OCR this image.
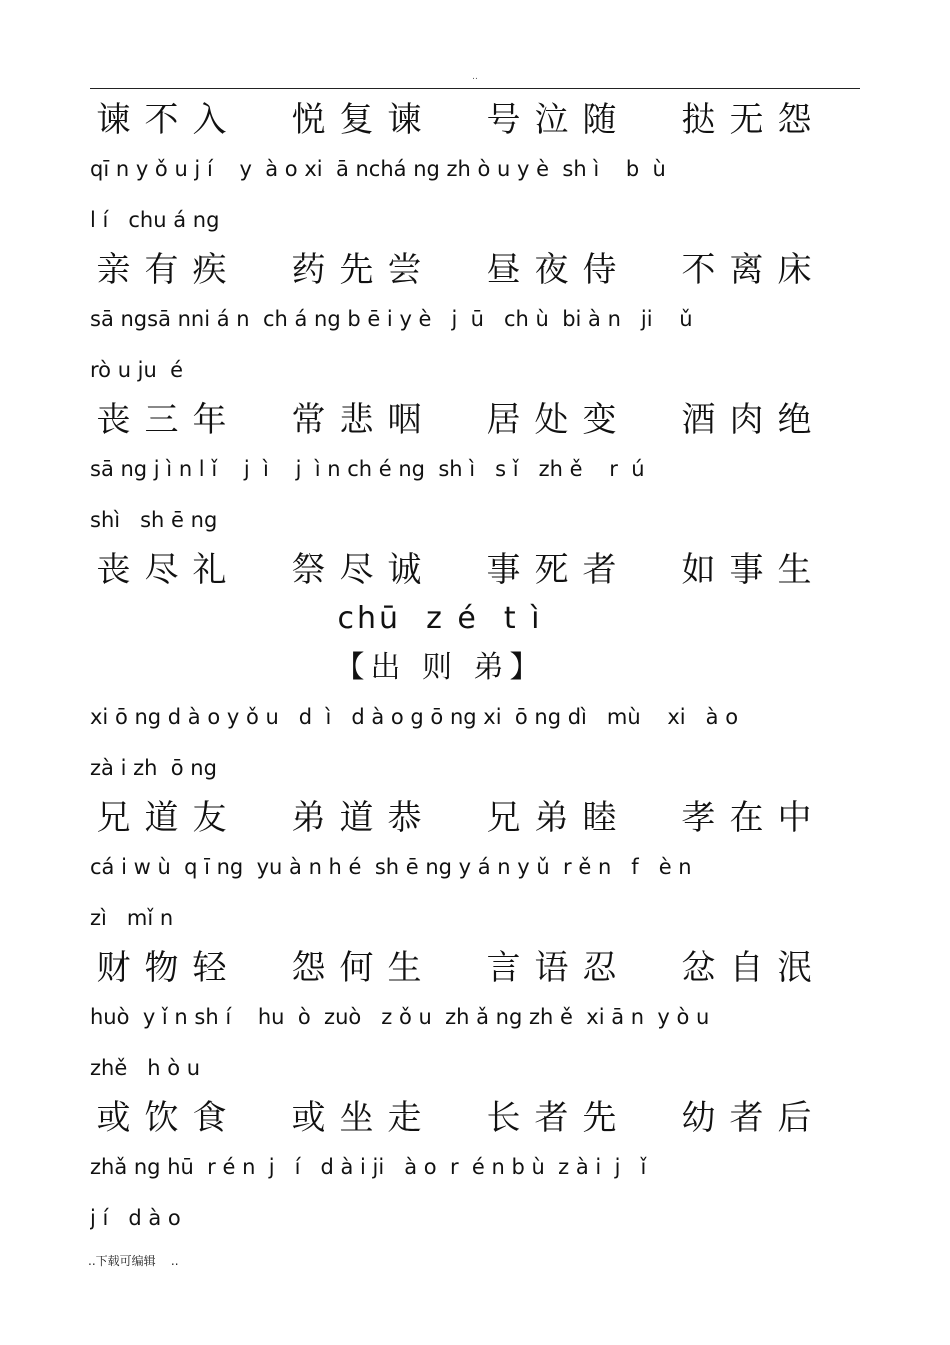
..
谏 不 入 悦 复 谏 号 泣 随 挞 无 怨
qī n y ǒ u j í    y  à o xi  ā nchá ng zh ò u y è  sh ì    b  ù
l í   chu á ng
亲 有 疾 药 先 尝 昼 夜 侍 不 离 床
sā ngsā nni á n  ch á ng b ē i y è   j  ū   ch ù  bi à n   ji    ǔ
rò u ju  é
丧 三 年 常 悲 咽 居 处 变 酒 肉 绝
sā ng j ì n l ǐ    j  ì    j  ì n ch é ng  sh ì   s ǐ   zh ě    r  ú
shì   sh ē ng
丧 尽 礼 祭 尽 诚 事 死 者 如 事 生
chū  z é  t ì
【出 则 弟】
xi ō ng d à o y ǒ u   d  ì   d à o g ō ng xi  ō ng dì   mù    xi   à o
zà i zh  ō ng
兄 道 友 弟 道 恭 兄 弟 睦 孝 在 中
cá i w ù  q ī ng  yu à n h é  sh ē ng y á n y ǔ  r ě n   f   è n
zì   mǐ n
财 物 轻 怨 何 生 言 语 忍 忿 自 泯
huò  y ǐ n sh í    hu  ò  zuò   z ǒ u  zh ǎ ng zh ě  xi ā n  y ò u
zhě   h ò u
或 饮 食 或 坐 走 长 者 先 幼 者 后
zhǎ ng hū  r é n  j   í   d à i ji   à o  r  é n b ù  z à i  j   ǐ
j í   d à o
..下载可编辑    ..
